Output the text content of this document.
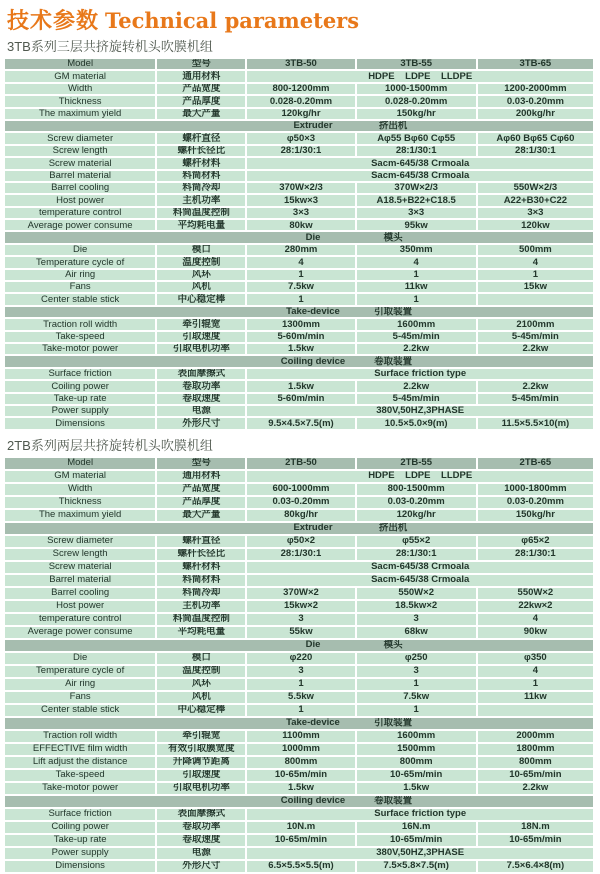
技术参数 Technical parameters
3TB系列三层共挤旋转机头吹膜机组
Model	型号	3TB-50	3TB-55	3TB-65
GM material	通用材料	HDPE    LDPE    LLDPE		
Width	产品宽度	800-1200mm	1000-1500mm	1200-2000mm
Thickness	产品厚度	0.028-0.20mm	0.028-0.20mm	0.03-0.20mm
The maximum yield	最大产量	120kg/hr	150kg/hr	200kg/hr
Extruder 挤出机				

Screw diameter	螺杆直径	φ50×3	Aφ55 Bφ60 Cφ55	Aφ60 Bφ65 Cφ60
Screw length	螺杆长径比	28:1/30:1	28:1/30:1	28:1/30:1
Screw material	螺杆材料	Sacm-645/38 Crmoala		
Barrel material	料筒材料	Sacm-645/38 Crmoala		
Barrel cooling	料筒冷却	370W×2/3	370W×2/3	550W×2/3
Host power	主机功率	15kw×3	A18.5+B22+C18.5	A22+B30+C22
temperature control	料筒温度控制	3×3	3×3	3×3
Average power consume	平均耗电量	80kw	95kw	120kw
Die 模头				

Die	模口	280mm	350mm	500mm
Temperature cycle of	温度控制	4	4	4
Air ring	风环	1	1	1
Fans	风机	7.5kw	11kw	15kw
Center stable stick	中心稳定棒	1	1	
Take-device 引取装置				

Traction roll width	牵引辊宽	1300mm	1600mm	2100mm
Take-speed	引取速度	5-60m/min	5-45m/min	5-45m/min
Take-motor power	引取电机功率	1.5kw	2.2kw	2.2kw
Coiling device 卷取装置				

Surface friction	表面摩擦式	Surface friction type		
Coiling power	卷取功率	1.5kw	2.2kw	2.2kw
Take-up rate	卷取速度	5-60m/min	5-45m/min	5-45m/min
Power supply	电源	380V,50HZ,3PHASE		
Dimensions	外形尺寸	9.5×4.5×7.5(m)	10.5×5.0×9(m)	11.5×5.5×10(m)
2TB系列两层共挤旋转机头吹膜机组
Model	型号	2TB-50	2TB-55	2TB-65
GM material	通用材料	HDPE    LDPE    LLDPE		
Width	产品宽度	600-1000mm	800-1500mm	1000-1800mm
Thickness	产品厚度	0.03-0.20mm	0.03-0.20mm	0.03-0.20mm
The maximum yield	最大产量	80kg/hr	120kg/hr	150kg/hr
Extruder 挤出机				

Screw diameter	螺杆直径	φ50×2	φ55×2	φ65×2
Screw length	螺杆长径比	28:1/30:1	28:1/30:1	28:1/30:1
Screw material	螺杆材料	Sacm-645/38 Crmoala		
Barrel material	料筒材料	Sacm-645/38 Crmoala		
Barrel cooling	料筒冷却	370W×2	550W×2	550W×2
Host power	主机功率	15kw×2	18.5kw×2	22kw×2
temperature control	料筒温度控制	3	3	4
Average power consume	平均耗电量	55kw	68kw	90kw
Die 模头				

Die	模口	φ220	φ250	φ350
Temperature cycle of	温度控制	3	3	4
Air ring	风环	1	1	1
Fans	风机	5.5kw	7.5kw	11kw
Center stable stick	中心稳定棒	1	1	
Take-device 引取装置				

Traction roll width	牵引辊宽	1100mm	1600mm	2000mm
EFFECTIVE film width	有效引取膜宽度	1000mm	1500mm	1800mm
Lift adjust the distance	升降调节距离	800mm	800mm	800mm
Take-speed	引取速度	10-65m/min	10-65m/min	10-65m/min
Take-motor power	引取电机功率	1.5kw	1.5kw	2.2kw
Coiling device 卷取装置				

Surface friction	表面摩擦式	Surface friction type		
Coiling power	卷取功率	10N.m	16N.m	18N.m
Take-up rate	卷取速度	10-65m/min	10-65m/min	10-65m/min
Power supply	电源	380V,50HZ,3PHASE		
Dimensions	外形尺寸	6.5×5.5×5.5(m)	7.5×5.8×7.5(m)	7.5×6.4×8(m)
